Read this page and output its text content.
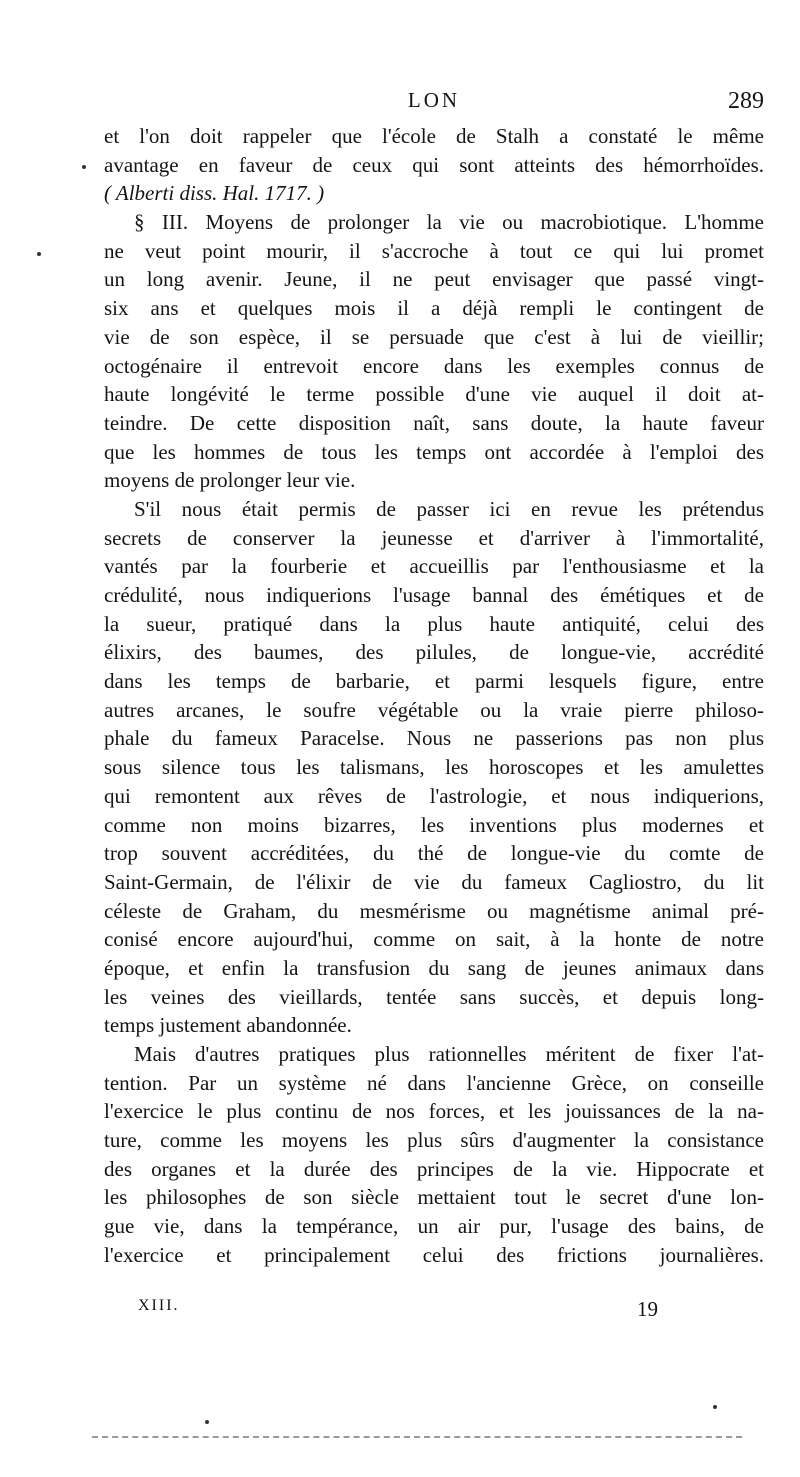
LON	289
et l'on doit rappeler que l'école de Stalh a constaté le même
avantage en faveur de ceux qui sont atteints des hémorrhoïdes.
( Alberti diss. Hal. 1717. )
§ III. Moyens de prolonger la vie ou macrobiotique. L'homme
ne veut point mourir, il s'accroche à tout ce qui lui promet
un long avenir. Jeune, il ne peut envisager que passé vingt-
six ans et quelques mois il a déjà rempli le contingent de
vie de son espèce, il se persuade que c'est à lui de vieillir;
octogénaire il entrevoit encore dans les exemples connus de
haute longévité le terme possible d'une vie auquel il doit at-
teindre. De cette disposition naît, sans doute, la haute faveur
que les hommes de tous les temps ont accordée à l'emploi des
moyens de prolonger leur vie.
S'il nous était permis de passer ici en revue les prétendus
secrets de conserver la jeunesse et d'arriver à l'immortalité,
vantés par la fourberie et accueillis par l'enthousiasme et la
crédulité, nous indiquerions l'usage bannal des émétiques et de
la sueur, pratiqué dans la plus haute antiquité, celui des
élixirs, des baumes, des pilules, de longue-vie, accrédité
dans les temps de barbarie, et parmi lesquels figure, entre
autres arcanes, le soufre végétable ou la vraie pierre philoso-
phale du fameux Paracelse. Nous ne passerions pas non plus
sous silence tous les talismans, les horoscopes et les amulettes
qui remontent aux rêves de l'astrologie, et nous indiquerions,
comme non moins bizarres, les inventions plus modernes et
trop souvent accréditées, du thé de longue-vie du comte de
Saint-Germain, de l'élixir de vie du fameux Cagliostro, du lit
céleste de Graham, du mesmérisme ou magnétisme animal pré-
conisé encore aujourd'hui, comme on sait, à la honte de notre
époque, et enfin la transfusion du sang de jeunes animaux dans
les veines des vieillards, tentée sans succès, et depuis long-
temps justement abandonnée.
Mais d'autres pratiques plus rationnelles méritent de fixer l'at-
tention. Par un système né dans l'ancienne Grèce, on conseille
l'exercice le plus continu de nos forces, et les jouissances de la na-
ture, comme les moyens les plus sûrs d'augmenter la consistance
des organes et la durée des principes de la vie. Hippocrate et
les philosophes de son siècle mettaient tout le secret d'une lon-
gue vie, dans la tempérance, un air pur, l'usage des bains, de
l'exercice et principalement celui des frictions journalières.
XIII.	19
